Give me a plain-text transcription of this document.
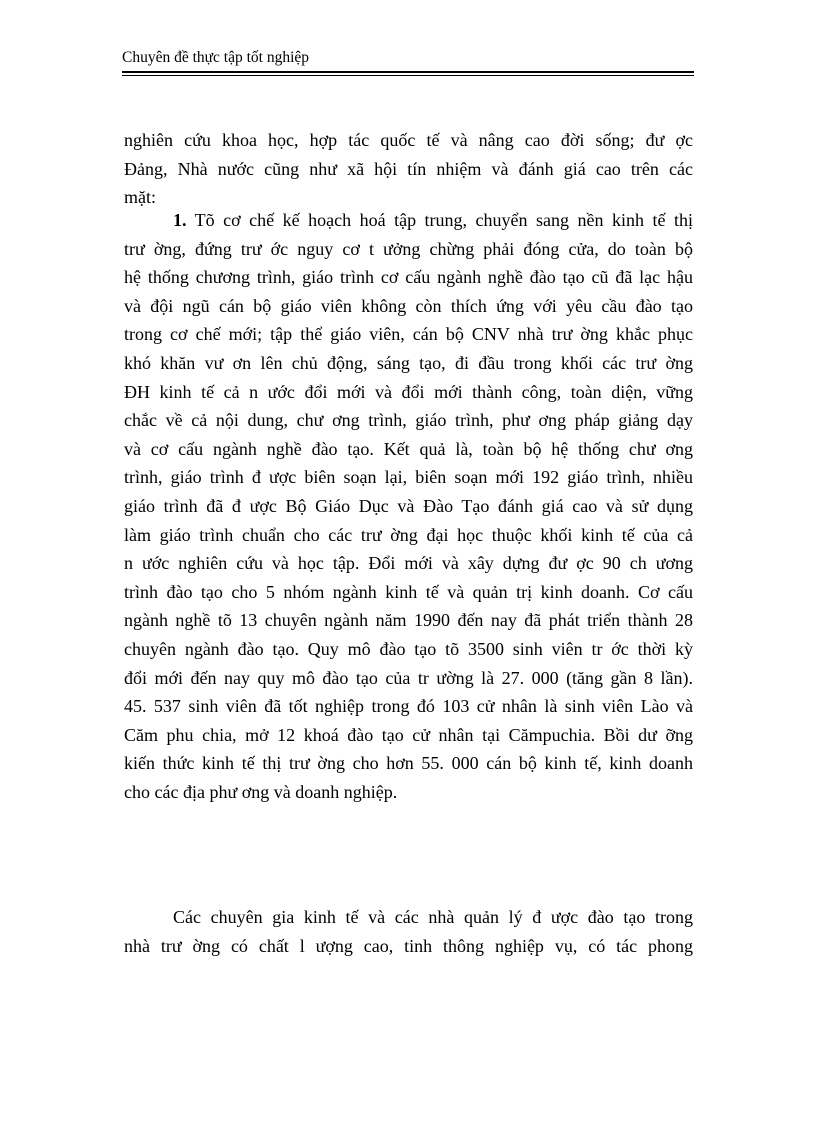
Chuyên đề thực tập tốt nghiệp
nghiên cứu khoa học, hợp tác quốc tế và nâng cao đời sống; đư ợc
Đảng, Nhà nước cũng như xã hội tín nhiệm và đánh giá cao trên các
mặt:
1. Tõ cơ chế kế hoạch hoá tập trung, chuyển sang nền kinh tế thị
trư ờng, đứng trư ớc nguy cơ t ưởng chừng phải đóng cửa, do toàn bộ
hệ thống chương trình, giáo trình cơ cấu ngành nghề đào tạo cũ đã lạc hậu
và đội ngũ cán bộ giáo viên không còn thích ứng với yêu cầu đào tạo
trong cơ chế mới; tập thể giáo viên, cán bộ CNV nhà trư ờng khắc phục
khó khăn vư ơn lên chủ động, sáng tạo, đi đầu trong khối các trư ờng
ĐH kinh tế cả n ước đổi mới và đổi mới thành công, toàn diện, vững
chắc về cả nội dung, chư ơng trình, giáo trình, phư ơng pháp giảng dạy
và cơ cấu ngành nghề đào tạo. Kết quả là, toàn bộ hệ thống chư ơng
trình, giáo trình đ ược biên soạn lại, biên soạn mới 192 giáo trình, nhiều
giáo trình đã đ ược Bộ Giáo Dục và Đào Tạo đánh giá cao và sử dụng
làm giáo trình chuẩn cho các trư ờng đại học thuộc khối kinh tế của cả
n ước nghiên cứu và học tập. Đổi mới và xây dựng đư ợc 90 ch ương
trình đào tạo cho 5 nhóm ngành kinh tế và quản trị kinh doanh. Cơ cấu
ngành nghề tõ 13 chuyên ngành năm 1990 đến nay đã phát triển thành 28
chuyên ngành đào tạo. Quy mô đào tạo tõ 3500 sinh viên tr ớc thời kỳ
đổi mới đến nay quy mô đào tạo của tr ường là 27. 000 (tăng gần 8 lần).
45. 537 sinh viên đã tốt nghiệp trong đó 103 cử nhân là sinh viên Lào và
Căm phu chia, mở 12 khoá đào tạo cử nhân tại Cămpuchia. Bồi dư ỡng
kiến thức kinh tế thị trư ờng cho hơn 55. 000 cán bộ kinh tế, kinh doanh
cho các địa phư ơng và doanh nghiệp.
Các chuyên gia kinh tế và các nhà quản lý đ ược đào tạo trong
nhà trư ờng có chất l ượng cao, tinh thông nghiệp vụ, có tác phong
